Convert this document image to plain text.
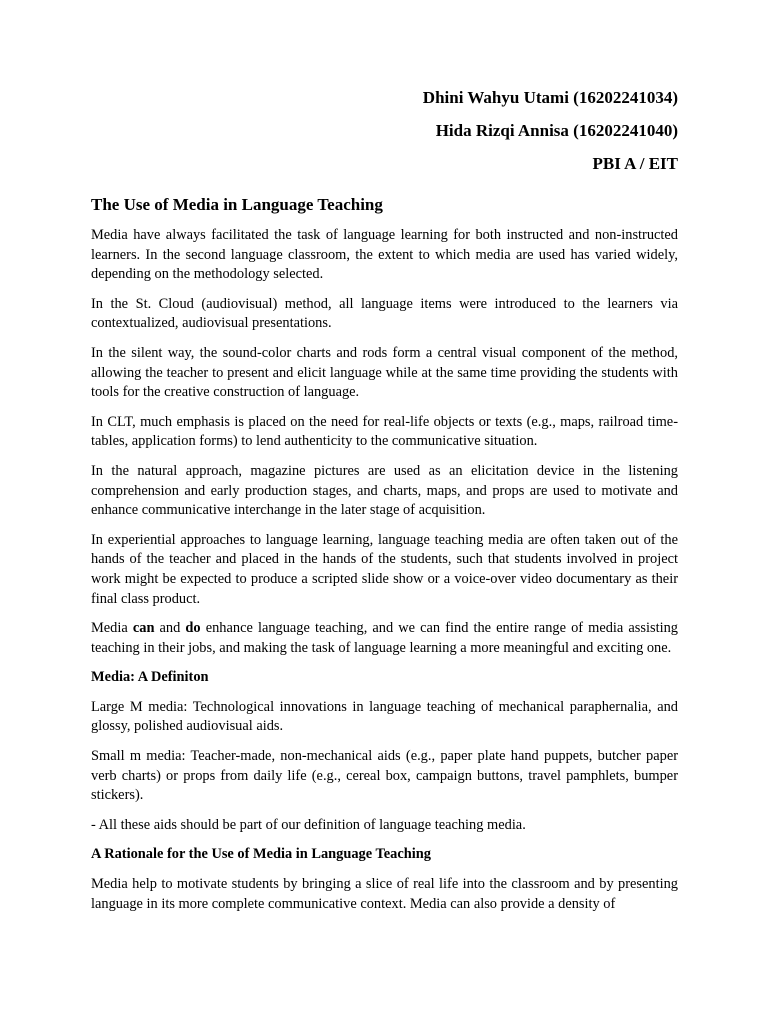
Dhini Wahyu Utami (16202241034)
Hida Rizqi Annisa (16202241040)
PBI A / EIT
The Use of Media in Language Teaching

Media have always facilitated the task of language learning for both instructed and non-instructed learners. In the second language classroom, the extent to which media are used has varied widely, depending on the methodology selected.

In the St. Cloud (audiovisual) method, all language items were introduced to the learners via contextualized, audiovisual presentations.

In the silent way, the sound-color charts and rods form a central visual component of the method, allowing the teacher to present and elicit language while at the same time providing the students with tools for the creative construction of language.

In CLT, much emphasis is placed on the need for real-life objects or texts (e.g., maps, railroad time-tables, application forms) to lend authenticity to the communicative situation.

In the natural approach, magazine pictures are used as an elicitation device in the listening comprehension and early production stages, and charts, maps, and props are used to motivate and enhance communicative interchange in the later stage of acquisition.

In experiential approaches to language learning, language teaching media are often taken out of the hands of the teacher and placed in the hands of the students, such that students involved in project work might be expected to produce a scripted slide show or a voice-over video documentary as their final class product.

Media can and do enhance language teaching, and we can find the entire range of media assisting teaching in their jobs, and making the task of language learning a more meaningful and exciting one.

Media: A Definiton

Large M media: Technological innovations in language teaching of mechanical paraphernalia, and glossy, polished audiovisual aids.

Small m media: Teacher-made, non-mechanical aids (e.g., paper plate hand puppets, butcher paper verb charts) or props from daily life (e.g., cereal box, campaign buttons, travel pamphlets, bumper stickers).

- All these aids should be part of our definition of language teaching media.

A Rationale for the Use of Media in Language Teaching

Media help to motivate students by bringing a slice of real life into the classroom and by presenting language in its more complete communicative context. Media can also provide a density of
